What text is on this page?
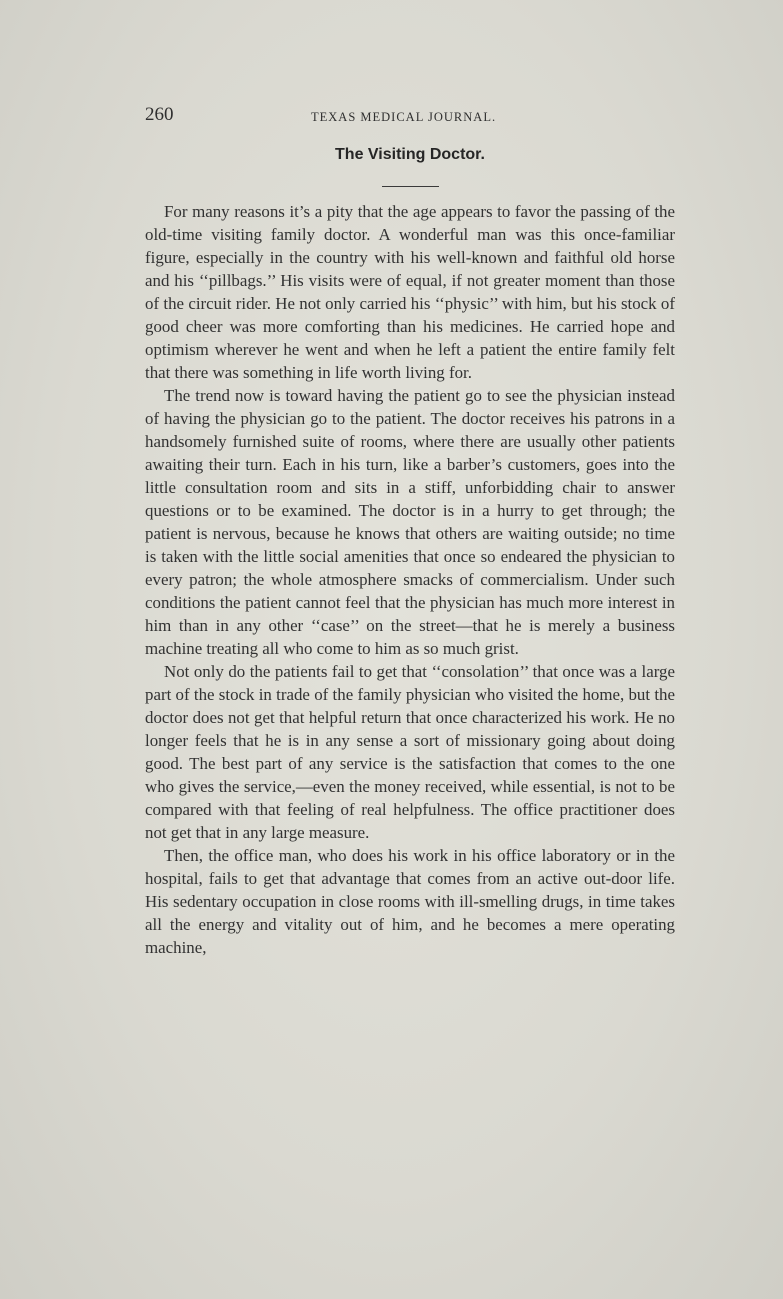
260	TEXAS MEDICAL JOURNAL.
The Visiting Doctor.

For many reasons it’s a pity that the age appears to favor the passing of the old-time visiting family doctor. A wonderful man was this once-familiar figure, especially in the country with his well-known and faithful old horse and his ‘‘pillbags.’’ His visits were of equal, if not greater moment than those of the circuit rider. He not only carried his ‘‘physic’’ with him, but his stock of good cheer was more comforting than his medicines. He carried hope and optimism wherever he went and when he left a patient the entire family felt that there was something in life worth living for.

The trend now is toward having the patient go to see the physician instead of having the physician go to the patient. The doctor receives his patrons in a handsomely furnished suite of rooms, where there are usually other patients awaiting their turn. Each in his turn, like a barber’s customers, goes into the little consultation room and sits in a stiff, unforbidding chair to answer questions or to be examined. The doctor is in a hurry to get through; the patient is nervous, because he knows that others are waiting outside; no time is taken with the little social amenities that once so endeared the physician to every patron; the whole atmosphere smacks of commercialism. Under such conditions the patient cannot feel that the physician has much more interest in him than in any other ‘‘case’’ on the street—that he is merely a business machine treating all who come to him as so much grist.

Not only do the patients fail to get that ‘‘consolation’’ that once was a large part of the stock in trade of the family physician who visited the home, but the doctor does not get that helpful return that once characterized his work. He no longer feels that he is in any sense a sort of missionary going about doing good. The best part of any service is the satisfaction that comes to the one who gives the service,—even the money received, while essential, is not to be compared with that feeling of real helpfulness. The office practitioner does not get that in any large measure.

Then, the office man, who does his work in his office laboratory or in the hospital, fails to get that advantage that comes from an active out-door life. His sedentary occupation in close rooms with ill-smelling drugs, in time takes all the energy and vitality out of him, and he becomes a mere operating machine,
